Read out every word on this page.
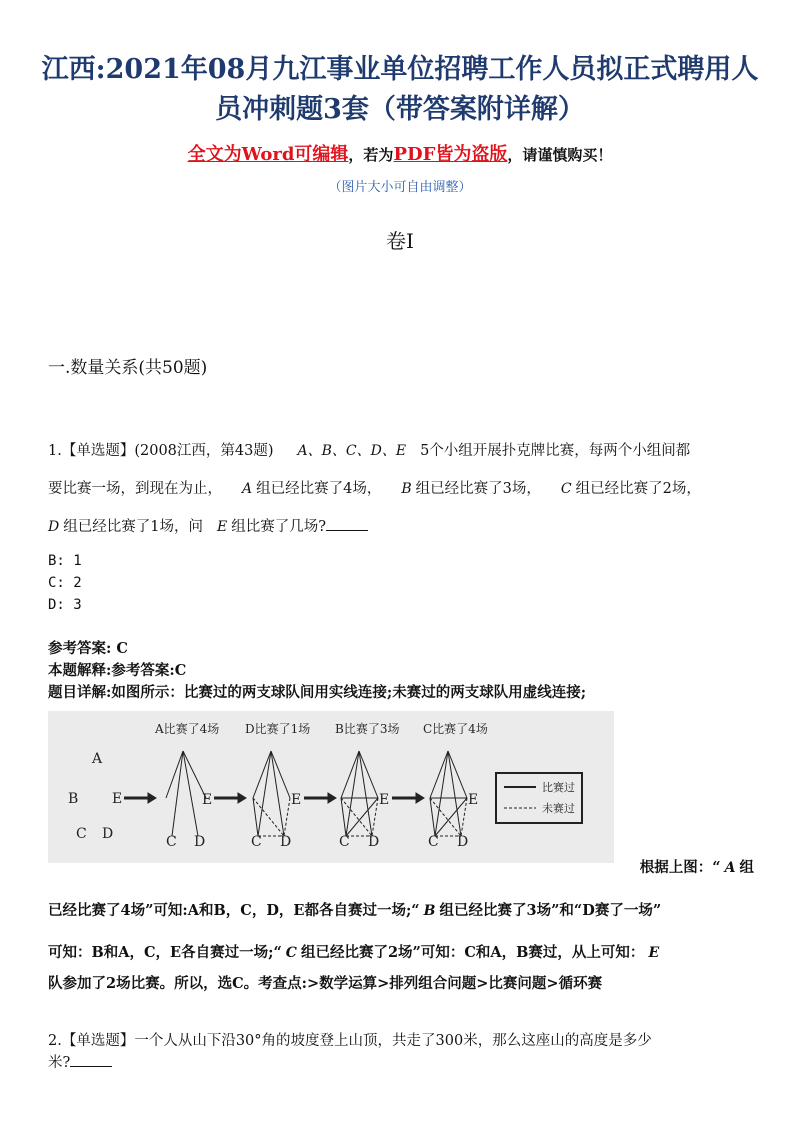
江西:2021年08月九江事业单位招聘工作人员拟正式聘用人
员冲刺题3套（带答案附详解）
全文为Word可编辑，若为PDF皆为盗版，请谨慎购买！
（图片大小可自由调整）
卷I
一.数量关系(共50题)
1.【单选题】(2008江西，第43题) A、B、C、D、E 5个小组开展扑克牌比赛，每两个小组间都
要比赛一场，到现在为止， A 组已经比赛了4场， B 组已经比赛了3场， C 组已经比赛了2场，
D 组已经比赛了1场，问 E 组比赛了几场?
B: 1
C: 2
D: 3
参考答案: C
本题解释:参考答案:C
题目详解:如图所示：比赛过的两支球队间用实线连接;未赛过的两支球队用虚线连接;
A比赛了4场 D比赛了1场 B比赛了3场 C比赛了4场
A
B
C D
E	E
C D
E
C D
E
C D
E
C D
比赛过
未赛过
根据上图：“ A 组
已经比赛了4场”可知:A和B，C，D，E都各自赛过一场;“ B 组已经比赛了3场”和“D赛了一场”
可知：B和A，C，E各自赛过一场;“ C 组已经比赛了2场”可知：C和A，B赛过，从上可知： E
队参加了2场比赛。所以，选C。考查点:>数学运算>排列组合问题>比赛问题>循环赛
2.【单选题】一个人从山下沿30°角的坡度登上山顶，共走了300米，那么这座山的高度是多少
米?
